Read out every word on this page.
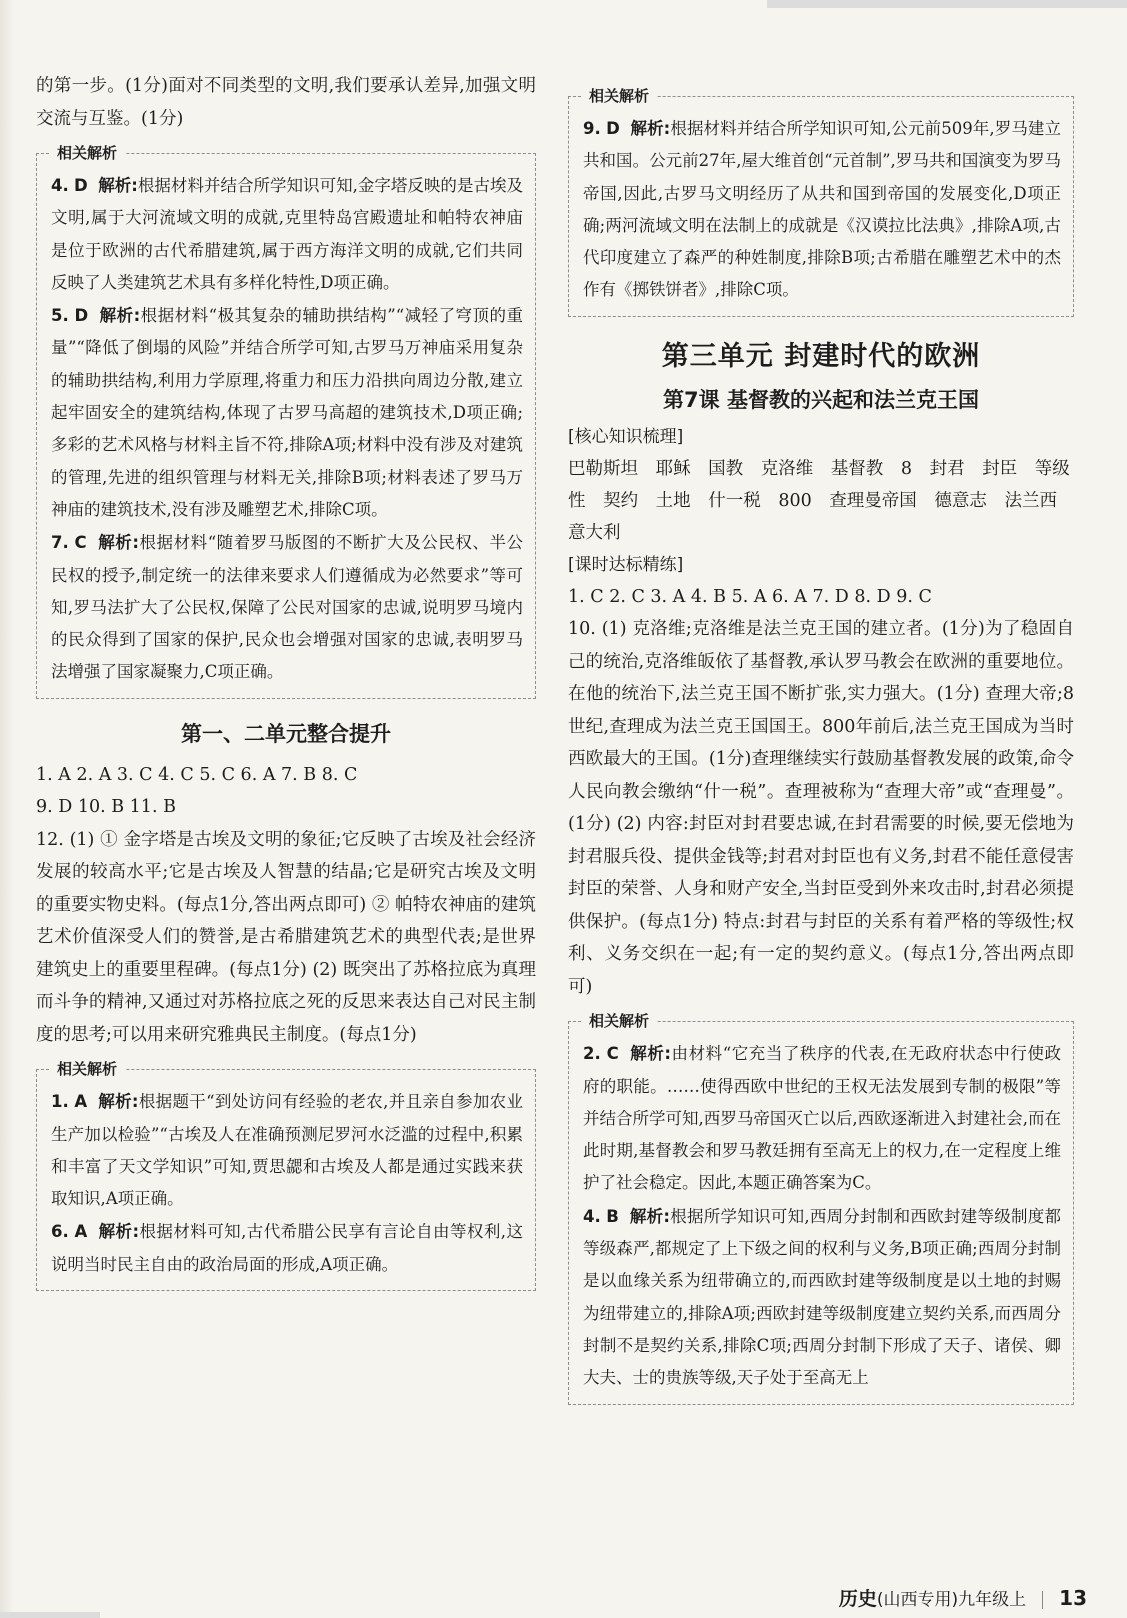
的第一步。(1分)面对不同类型的文明,我们要承认差异,加强文明交流与互鉴。(1分)

相关解析

4. D 解析:根据材料并结合所学知识可知,金字塔反映的是古埃及文明,属于大河流域文明的成就,克里特岛宫殿遗址和帕特农神庙是位于欧洲的古代希腊建筑,属于西方海洋文明的成就,它们共同反映了人类建筑艺术具有多样化特性,D项正确。

5. D 解析:根据材料“极其复杂的辅助拱结构”“减轻了穹顶的重量”“降低了倒塌的风险”并结合所学可知,古罗马万神庙采用复杂的辅助拱结构,利用力学原理,将重力和压力沿拱向周边分散,建立起牢固安全的建筑结构,体现了古罗马高超的建筑技术,D项正确;多彩的艺术风格与材料主旨不符,排除A项;材料中没有涉及对建筑的管理,先进的组织管理与材料无关,排除B项;材料表述了罗马万神庙的建筑技术,没有涉及雕塑艺术,排除C项。

7. C 解析:根据材料“随着罗马版图的不断扩大及公民权、半公民权的授予,制定统一的法律来要求人们遵循成为必然要求”等可知,罗马法扩大了公民权,保障了公民对国家的忠诚,说明罗马境内的民众得到了国家的保护,民众也会增强对国家的忠诚,表明罗马法增强了国家凝聚力,C项正确。

第一、二单元整合提升

1. A 2. A 3. C 4. C 5. C 6. A 7. B 8. C

9. D 10. B 11. B

12. (1) ① 金字塔是古埃及文明的象征;它反映了古埃及社会经济发展的较高水平;它是古埃及人智慧的结晶;它是研究古埃及文明的重要实物史料。(每点1分,答出两点即可) ② 帕特农神庙的建筑艺术价值深受人们的赞誉,是古希腊建筑艺术的典型代表;是世界建筑史上的重要里程碑。(每点1分) (2) 既突出了苏格拉底为真理而斗争的精神,又通过对苏格拉底之死的反思来表达自己对民主制度的思考;可以用来研究雅典民主制度。(每点1分)

相关解析

1. A 解析:根据题干“到处访问有经验的老农,并且亲自参加农业生产加以检验”“古埃及人在准确预测尼罗河水泛滥的过程中,积累和丰富了天文学知识”可知,贾思勰和古埃及人都是通过实践来获取知识,A项正确。

6. A 解析:根据材料可知,古代希腊公民享有言论自由等权利,这说明当时民主自由的政治局面的形成,A项正确。

相关解析

9. D 解析:根据材料并结合所学知识可知,公元前509年,罗马建立共和国。公元前27年,屋大维首创“元首制”,罗马共和国演变为罗马帝国,因此,古罗马文明经历了从共和国到帝国的发展变化,D项正确;两河流域文明在法制上的成就是《汉谟拉比法典》,排除A项,古代印度建立了森严的种姓制度,排除B项;古希腊在雕塑艺术中的杰作有《掷铁饼者》,排除C项。

第三单元 封建时代的欧洲
第7课 基督教的兴起和法兰克王国
[ 核心知识梳理 ]
巴勒斯坦 耶稣 国教 克洛维 基督教 8 封君 封臣 等级性 契约 土地 什一税 800 查理曼帝国 德意志 法兰西 意大利
[ 课时达标精练 ]

1. C 2. C 3. A 4. B 5. A 6. A 7. D 8. D 9. C

10. (1) 克洛维;克洛维是法兰克王国的建立者。(1分)为了稳固自己的统治,克洛维皈依了基督教,承认罗马教会在欧洲的重要地位。在他的统治下,法兰克王国不断扩张,实力强大。(1分) 查理大帝;8世纪,查理成为法兰克王国国王。800年前后,法兰克王国成为当时西欧最大的王国。(1分)查理继续实行鼓励基督教发展的政策,命令人民向教会缴纳“什一税”。查理被称为“查理大帝”或“查理曼”。(1分) (2) 内容:封臣对封君要忠诚,在封君需要的时候,要无偿地为封君服兵役、提供金钱等;封君对封臣也有义务,封君不能任意侵害封臣的荣誉、人身和财产安全,当封臣受到外来攻击时,封君必须提供保护。(每点1分) 特点:封君与封臣的关系有着严格的等级性;权利、义务交织在一起;有一定的契约意义。(每点1分,答出两点即可)

相关解析

2. C 解析:由材料“它充当了秩序的代表,在无政府状态中行使政府的职能。……使得西欧中世纪的王权无法发展到专制的极限”等并结合所学可知,西罗马帝国灭亡以后,西欧逐渐进入封建社会,而在此时期,基督教会和罗马教廷拥有至高无上的权力,在一定程度上维护了社会稳定。因此,本题正确答案为C。

4. B 解析:根据所学知识可知,西周分封制和西欧封建等级制度都等级森严,都规定了上下级之间的权利与义务,B项正确;西周分封制是以血缘关系为纽带确立的,而西欧封建等级制度是以土地的封赐为纽带建立的,排除A项;西欧封建等级制度建立契约关系,而西周分封制不是契约关系,排除C项;西周分封制下形成了天子、诸侯、卿大夫、士的贵族等级,天子处于至高无上

历史(山西专用)九年级上 13
